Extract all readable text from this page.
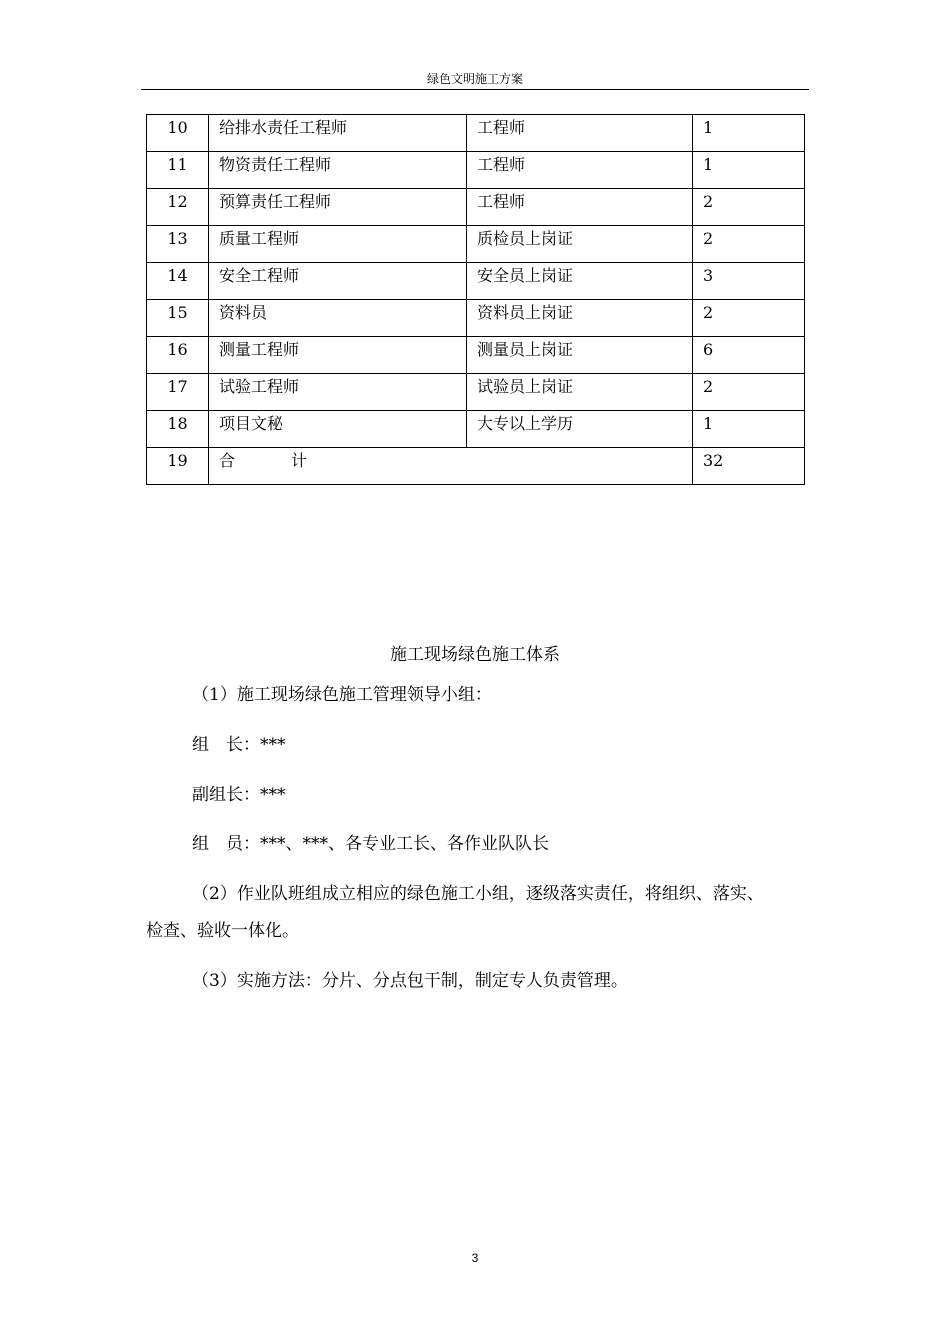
绿色文明施工方案
10	给排水责任工程师	工程师	1
11	物资责任工程师	工程师	1
12	预算责任工程师	工程师	2
13	质量工程师	质检员上岗证	2
14	安全工程师	安全员上岗证	3
15	资料员	资料员上岗证	2
16	测量工程师	测量员上岗证	6
17	试验工程师	试验员上岗证	2
18	项目文秘	大专以上学历	1
19	合 计		32
施工现场绿色施工体系
（1）施工现场绿色施工管理领导小组：
组　长：***
副组长：***
组　员：***、***、各专业工长、各作业队队长
（2）作业队班组成立相应的绿色施工小组，逐级落实责任，将组织、落实、
检查、验收一体化。
（3）实施方法：分片、分点包干制，制定专人负责管理。
3
